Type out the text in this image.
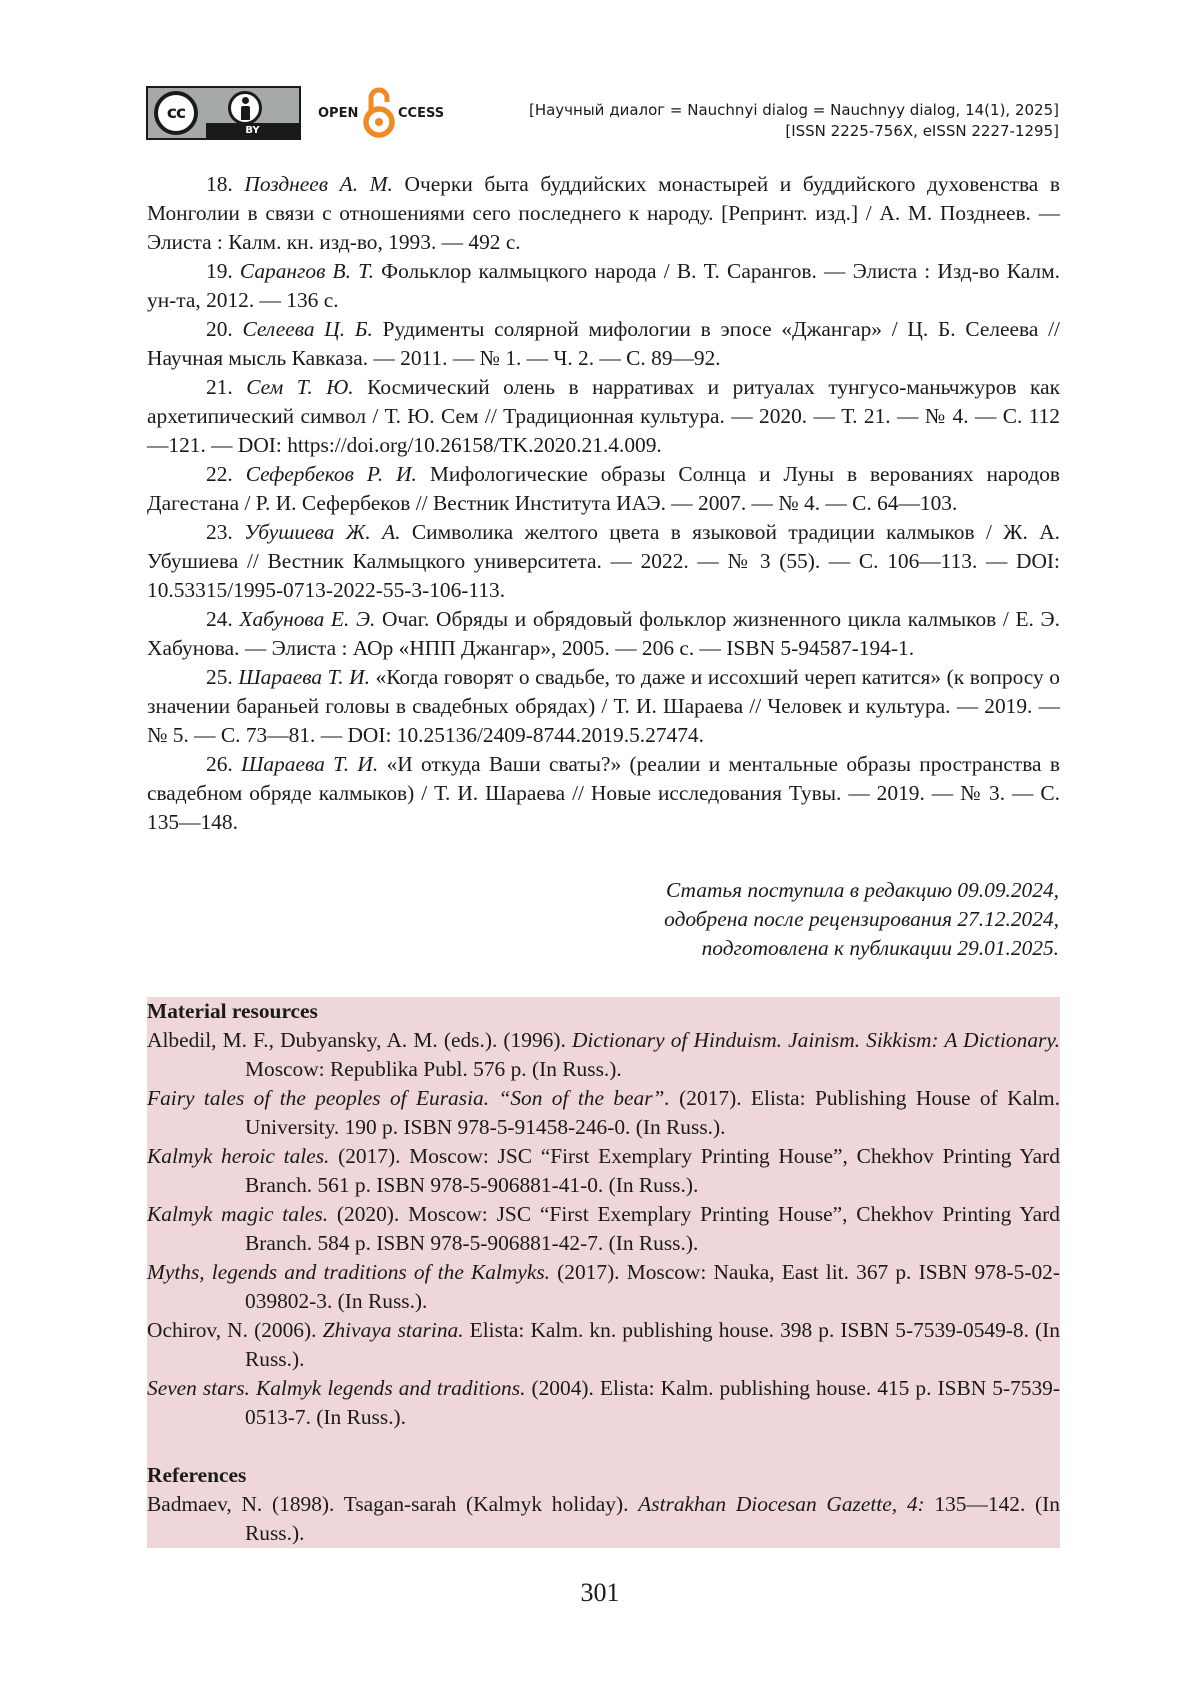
cc
BY
OPEN	CCESS	[Научный диалог = Nauchnyi dialog = Nauchnyy dialog, 14(1), 2025]
[ISSN 2225-756X, eISSN 2227-1295]

18. Позднеев А. М. Очерки быта буддийских монастырей и буддийского духовенства в Монголии в связи с отношениями сего последнего к народу. [Репринт. изд.] / А. М. Позднеев. — Элиста : Калм. кн. изд-во, 1993. — 492 с.

19. Сарангов В. Т. Фольклор калмыцкого народа / В. Т. Сарангов. — Элиста : Изд-во Калм. ун-та, 2012. — 136 с.

20. Селеева Ц. Б. Рудименты солярной мифологии в эпосе «Джангар» / Ц. Б. Селеева // Научная мысль Кавказа. — 2011. — № 1. — Ч. 2. — С. 89—92.

21. Сем Т. Ю. Космический олень в нарративах и ритуалах тунгусо-маньчжуров как архетипический символ / Т. Ю. Сем // Традиционная культура. — 2020. — Т. 21. — № 4. — С. 112—121. — DOI: https://doi.org/10.26158/TK.2020.21.4.009.

22. Сефербеков Р. И. Мифологические образы Солнца и Луны в верованиях народов Дагестана / Р. И. Сефербеков // Вестник Института ИАЭ. — 2007. — № 4. — С. 64—103.

23. Убушиева Ж. А. Символика желтого цвета в языковой традиции калмыков / Ж. А. Убушиева // Вестник Калмыцкого университета. — 2022. — № 3 (55). — С. 106—113. — DOI: 10.53315/1995-0713-2022-55-3-106-113.

24. Хабунова Е. Э. Очаг. Обряды и обрядовый фольклор жизненного цикла калмыков / Е. Э. Хабунова. — Элиста : АОр «НПП Джангар», 2005. — 206 с. — ISBN 5-94587-194-1.

25. Шараева Т. И. «Когда говорят о свадьбе, то даже и иссохший череп катится» (к вопросу о значении бараньей головы в свадебных обрядах) / Т. И. Шараева // Человек и культура. — 2019. — № 5. — С. 73—81. — DOI: 10.25136/2409-8744.2019.5.27474.

26. Шараева Т. И. «И откуда Ваши сваты?» (реалии и ментальные образы пространства в свадебном обряде калмыков) / Т. И. Шараева // Новые исследования Тувы. — 2019. — № 3. — С. 135—148.

Статья поступила в редакцию 09.09.2024,
одобрена после рецензирования 27.12.2024,
подготовлена к публикации 29.01.2025.

Material resources

Albedil, M. F., Dubyansky, A. M. (eds.). (1996). Dictionary of Hinduism. Jainism. Sikkism: A Dictionary. Moscow: Republika Publ. 576 p. (In Russ.).

Fairy tales of the peoples of Eurasia. “Son of the bear”. (2017). Elista: Publishing House of Kalm. University. 190 p. ISBN 978-5-91458-246-0. (In Russ.).

Kalmyk heroic tales. (2017). Moscow: JSC “First Exemplary Printing House”, Chekhov Printing Yard Branch. 561 p. ISBN 978-5-906881-41-0. (In Russ.).

Kalmyk magic tales. (2020). Moscow: JSC “First Exemplary Printing House”, Chekhov Printing Yard Branch. 584 p. ISBN 978-5-906881-42-7. (In Russ.).

Myths, legends and traditions of the Kalmyks. (2017). Moscow: Nauka, East lit. 367 p. ISBN 978-5-02-039802-3. (In Russ.).

Ochirov, N. (2006). Zhivaya starina. Elista: Kalm. kn. publishing house. 398 p. ISBN 5-7539-0549-8. (In Russ.).

Seven stars. Kalmyk legends and traditions. (2004). Elista: Kalm. publishing house. 415 p. ISBN 5-7539-0513-7. (In Russ.).

References

Badmaev, N. (1898). Tsagan-sarah (Kalmyk holiday). Astrakhan Diocesan Gazette, 4: 135—142. (In Russ.).

301
